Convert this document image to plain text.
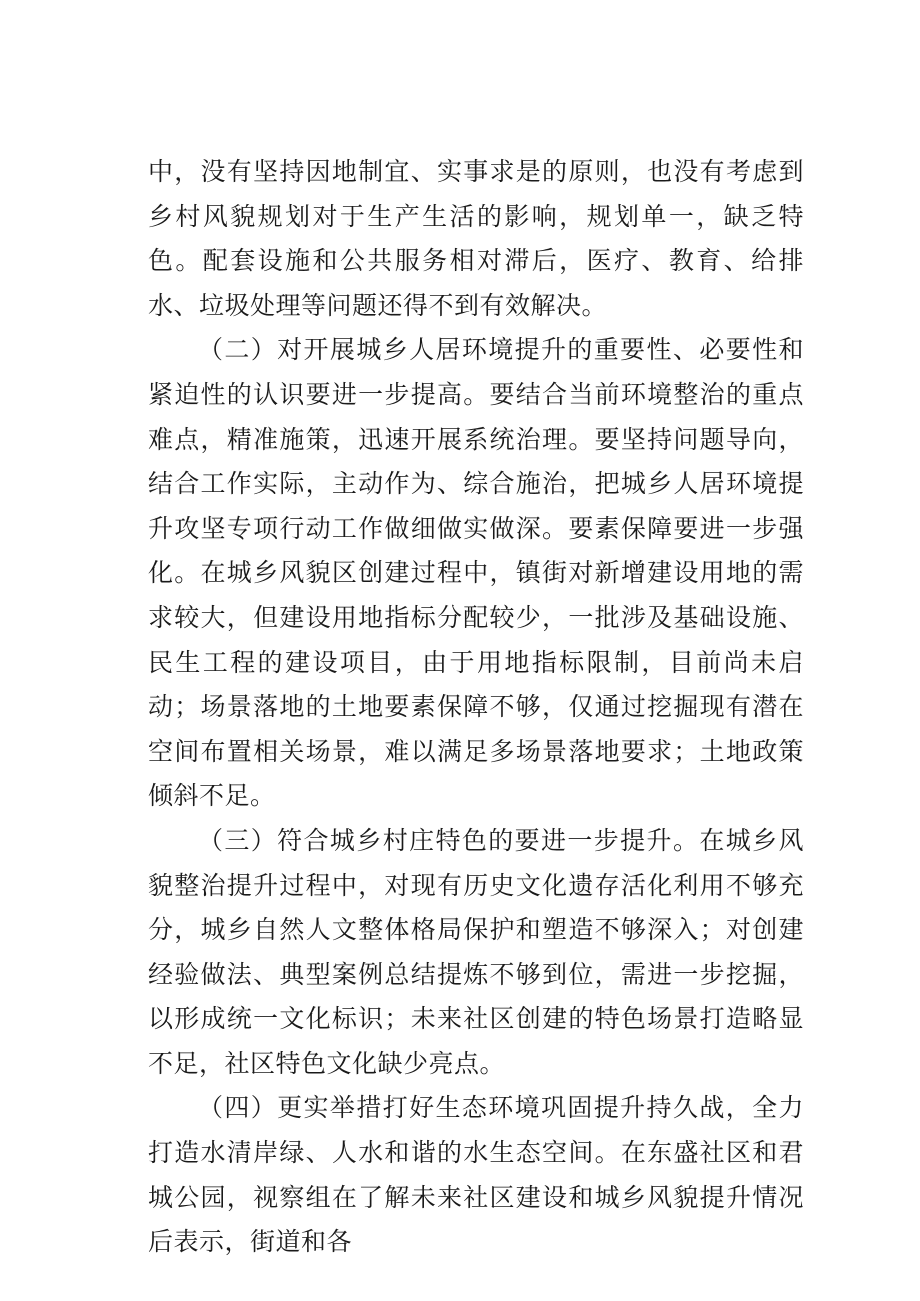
中，没有坚持因地制宜、实事求是的原则，也没有考虑到乡村风貌规划对于生产生活的影响，规划单一，缺乏特色。配套设施和公共服务相对滞后，医疗、教育、给排水、垃圾处理等问题还得不到有效解决。

（二）对开展城乡人居环境提升的重要性、必要性和紧迫性的认识要进一步提高。要结合当前环境整治的重点难点，精准施策，迅速开展系统治理。要坚持问题导向，结合工作实际，主动作为、综合施治，把城乡人居环境提升攻坚专项行动工作做细做实做深。要素保障要进一步强化。在城乡风貌区创建过程中，镇街对新增建设用地的需求较大，但建设用地指标分配较少，一批涉及基础设施、民生工程的建设项目，由于用地指标限制，目前尚未启动；场景落地的土地要素保障不够，仅通过挖掘现有潜在空间布置相关场景，难以满足多场景落地要求；土地政策倾斜不足。

（三）符合城乡村庄特色的要进一步提升。在城乡风貌整治提升过程中，对现有历史文化遗存活化利用不够充分，城乡自然人文整体格局保护和塑造不够深入；对创建经验做法、典型案例总结提炼不够到位，需进一步挖掘，以形成统一文化标识；未来社区创建的特色场景打造略显不足，社区特色文化缺少亮点。

（四）更实举措打好生态环境巩固提升持久战，全力打造水清岸绿、人水和谐的水生态空间。在东盛社区和君城公园，视察组在了解未来社区建设和城乡风貌提升情况后表示，街道和各
